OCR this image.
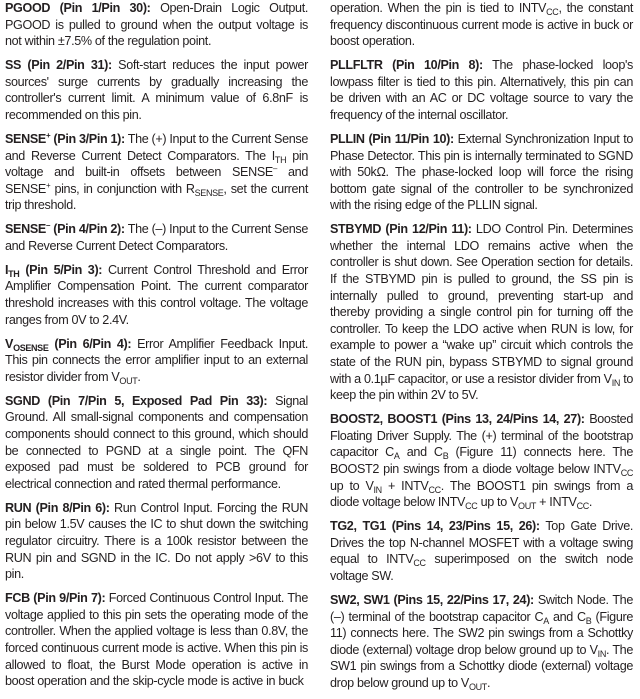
PGOOD (Pin 1/Pin 30): Open-Drain Logic Output. PGOOD is pulled to ground when the output voltage is not within ±7.5% of the regulation point.

SS (Pin 2/Pin 31): Soft-start reduces the input power sources' surge currents by gradually increasing the controller's current limit. A minimum value of 6.8nF is recommended on this pin.

SENSE+ (Pin 3/Pin 1): The (+) Input to the Current Sense and Reverse Current Detect Comparators. The $I_{TH}$ pin voltage and built-in offsets between SENSE– and SENSE+ pins, in conjunction with $R_{SENSE}$, set the current trip threshold.

SENSE– (Pin 4/Pin 2): The (–) Input to the Current Sense and Reverse Current Detect Comparators.

$I_{TH}$ (Pin 5/Pin 3): Current Control Threshold and Error Amplifier Compensation Point. The current comparator threshold increases with this control voltage. The voltage ranges from 0V to 2.4V.

$V_{OSENSE}$ (Pin 6/Pin 4): Error Amplifier Feedback Input. This pin connects the error amplifier input to an external resistor divider from $V_{OUT}$.

SGND (Pin 7/Pin 5, Exposed Pad Pin 33): Signal Ground. All small-signal components and compensation components should connect to this ground, which should be connected to PGND at a single point. The QFN exposed pad must be soldered to PCB ground for electrical connection and rated thermal performance.

RUN (Pin 8/Pin 6): Run Control Input. Forcing the RUN pin below 1.5V causes the IC to shut down the switching regulator circuitry. There is a 100k resistor between the RUN pin and SGND in the IC. Do not apply >6V to this pin.

FCB (Pin 9/Pin 7): Forced Continuous Control Input. The voltage applied to this pin sets the operating mode of the controller. When the applied voltage is less than 0.8V, the forced continuous current mode is active. When this pin is allowed to float, the Burst Mode operation is active in boost operation and the skip-cycle mode is active in buck

operation. When the pin is tied to $INTV_{CC}$, the constant frequency discontinuous current mode is active in buck or boost operation.

PLLFLTR (Pin 10/Pin 8): The phase-locked loop's lowpass filter is tied to this pin. Alternatively, this pin can be driven with an AC or DC voltage source to vary the frequency of the internal oscillator.

PLLIN (Pin 11/Pin 10): External Synchronization Input to Phase Detector. This pin is internally terminated to SGND with 50kΩ. The phase-locked loop will force the rising bottom gate signal of the controller to be synchronized with the rising edge of the PLLIN signal.

STBYMD (Pin 12/Pin 11): LDO Control Pin. Determines whether the internal LDO remains active when the controller is shut down. See Operation section for details. If the STBYMD pin is pulled to ground, the SS pin is internally pulled to ground, preventing start-up and thereby providing a single control pin for turning off the controller. To keep the LDO active when RUN is low, for example to power a “wake up” circuit which controls the state of the RUN pin, bypass STBYMD to signal ground with a 0.1µF capacitor, or use a resistor divider from $V_{IN}$ to keep the pin within 2V to 5V.

BOOST2, BOOST1 (Pins 13, 24/Pins 14, 27): Boosted Floating Driver Supply. The (+) terminal of the bootstrap capacitor $C_A$ and $C_B$ (Figure 11) connects here. The BOOST2 pin swings from a diode voltage below $INTV_{CC}$ up to $V_{IN}$ + $INTV_{CC}$. The BOOST1 pin swings from a diode voltage below $INTV_{CC}$ up to $V_{OUT}$ + $INTV_{CC}$.

TG2, TG1 (Pins 14, 23/Pins 15, 26): Top Gate Drive. Drives the top N-channel MOSFET with a voltage swing equal to $INTV_{CC}$ superimposed on the switch node voltage SW.

SW2, SW1 (Pins 15, 22/Pins 17, 24): Switch Node. The (–) terminal of the bootstrap capacitor $C_A$ and $C_B$ (Figure 11) connects here. The SW2 pin swings from a Schottky diode (external) voltage drop below ground up to $V_{IN}$. The SW1 pin swings from a Schottky diode (external) voltage drop below ground up to $V_{OUT}$.
